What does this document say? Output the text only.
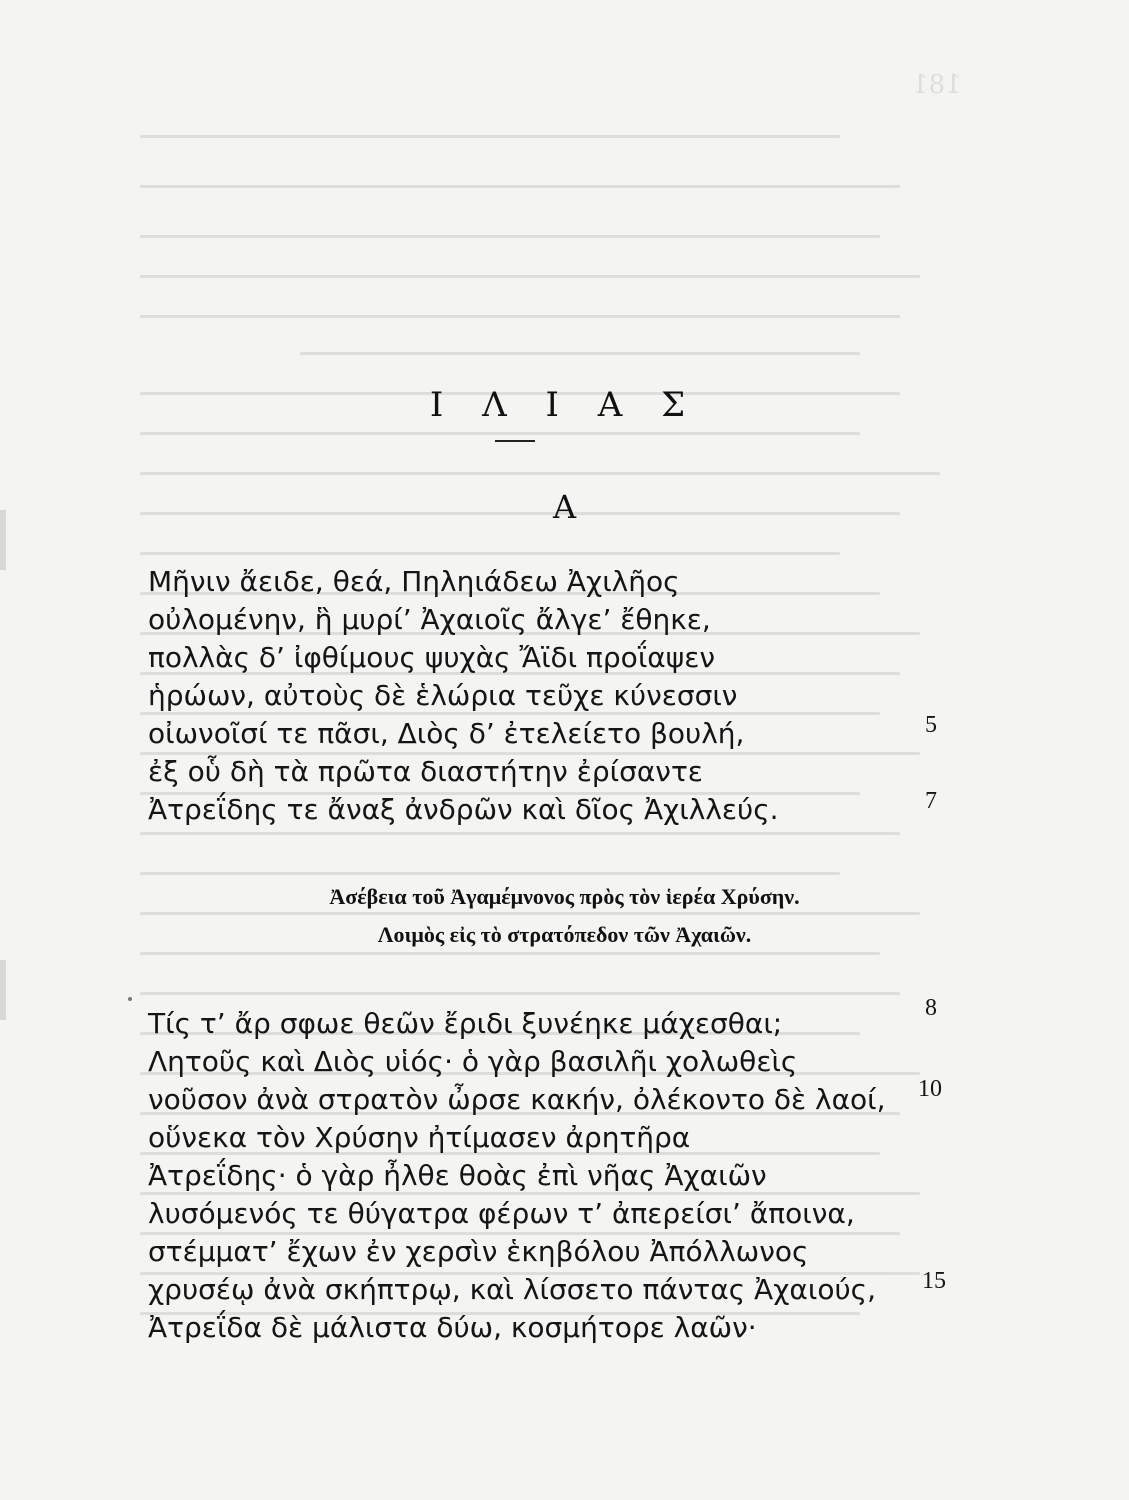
181
Ι Λ Ι Α Σ
Α
Μῆνιν ἄειδε, θεά, Πηληιάδεω Ἀχιλῆος
οὐλομένην, ἣ μυρί’ Ἀχαιοῖς ἄλγε’ ἔθηκε,
πολλὰς δ’ ἰφθίμους ψυχὰς Ἄϊδι προΐαψεν
ἡρώων, αὐτοὺς δὲ ἑλώρια τεῦχε κύνεσσιν
οἰωνοῖσί τε πᾶσι, Διὸς δ’ ἐτελείετο βουλή,
ἐξ οὗ δὴ τὰ πρῶτα διαστήτην ἐρίσαντε
Ἀτρεΐδης τε ἄναξ ἀνδρῶν καὶ δῖος Ἀχιλλεύς.
5
7
Ἀσέβεια τοῦ Ἀγαμέμνονος πρὸς τὸν ἱερέα Χρύσην.
Λοιμὸς εἰς τὸ στρατόπεδον τῶν Ἀχαιῶν.
Τίς τ’ ἄρ σφωε θεῶν ἔριδι ξυνέηκε μάχεσθαι;
Λητοῦς καὶ Διὸς υἱός· ὁ γὰρ βασιλῆι χολωθεὶς
νοῦσον ἀνὰ στρατὸν ὦρσε κακήν, ὀλέκοντο δὲ λαοί,
οὕνεκα τὸν Χρύσην ἠτίμασεν ἀρητῆρα
Ἀτρεΐδης· ὁ γὰρ ἦλθε θοὰς ἐπὶ νῆας Ἀχαιῶν
λυσόμενός τε θύγατρα φέρων τ’ ἀπερείσι’ ἄποινα,
στέμματ’ ἔχων ἐν χερσὶν ἑκηβόλου Ἀπόλλωνος
χρυσέῳ ἀνὰ σκήπτρῳ, καὶ λίσσετο πάντας Ἀχαιούς,
Ἀτρεΐδα δὲ μάλιστα δύω, κοσμήτορε λαῶν·
8
10
15
